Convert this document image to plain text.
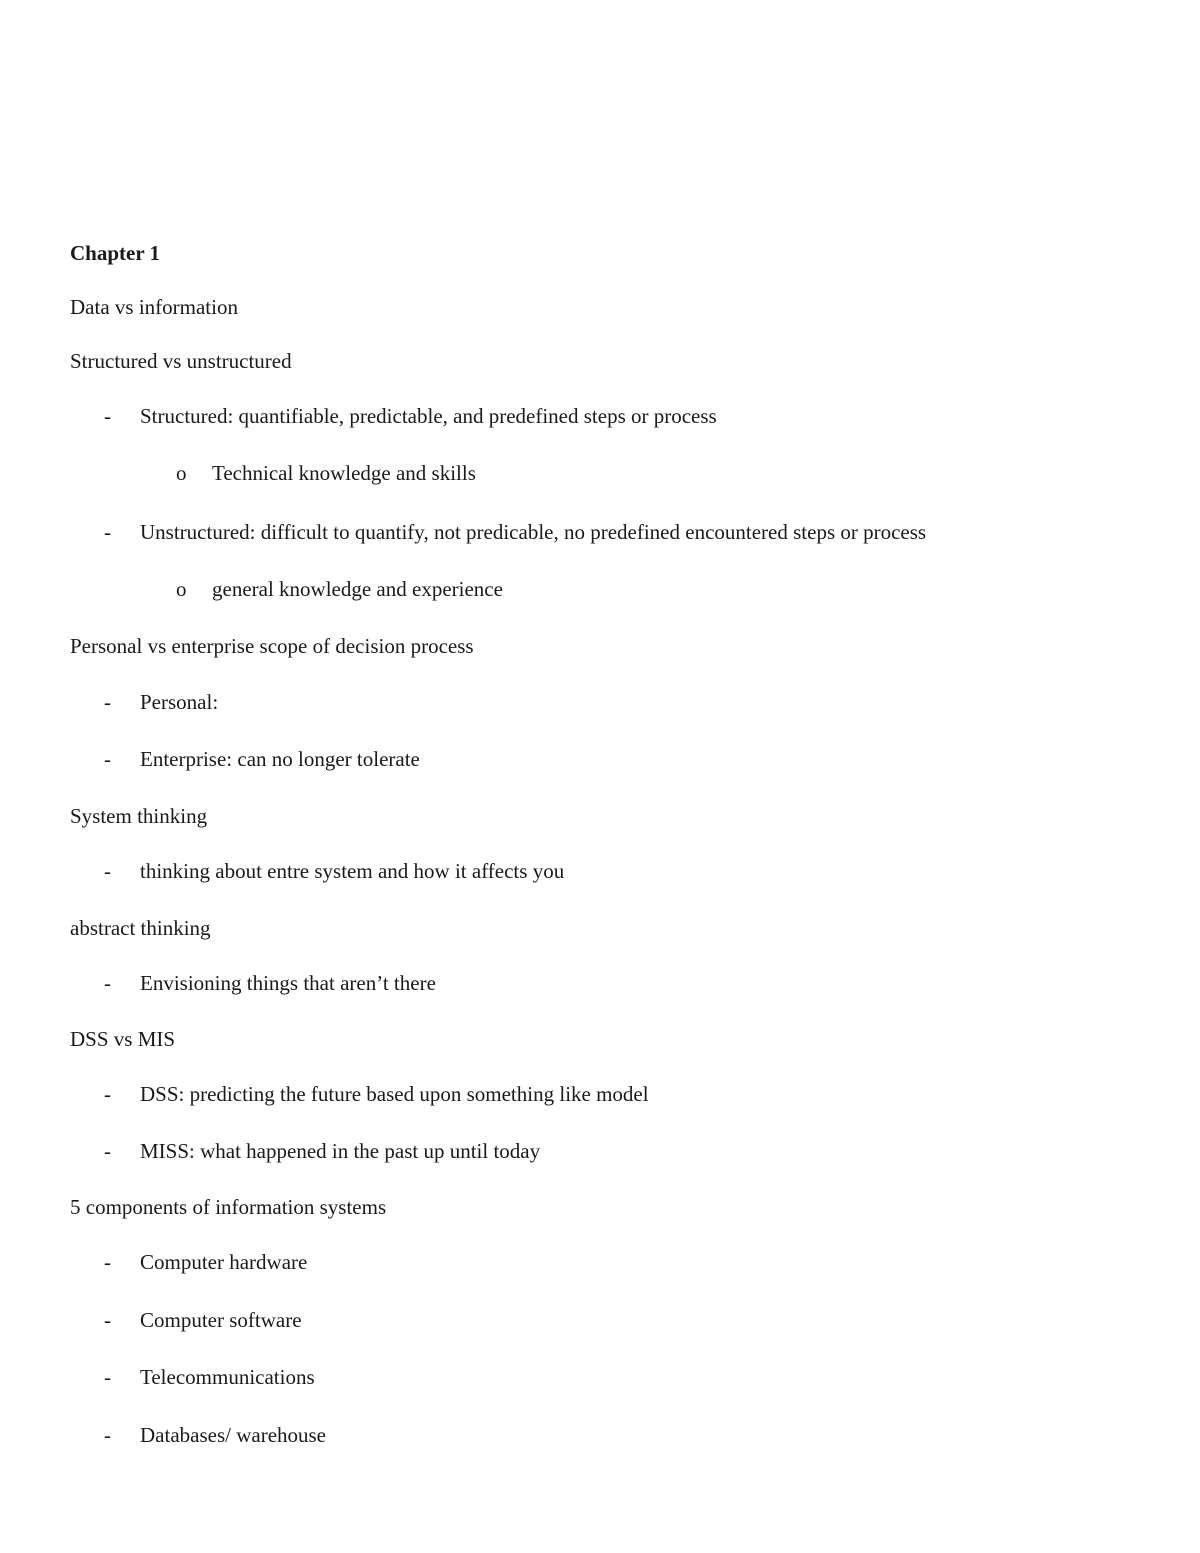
Chapter 1
Data vs information
Structured vs unstructured
- Structured: quantifiable, predictable, and predefined steps or process
o Technical knowledge and skills
- Unstructured: difficult to quantify, not predicable, no predefined encountered steps or process
o general knowledge and experience
Personal vs enterprise scope of decision process
- Personal:
- Enterprise: can no longer tolerate
System thinking
- thinking about entre system and how it affects you
abstract thinking
- Envisioning things that aren’t there
DSS vs MIS
- DSS: predicting the future based upon something like model
- MISS: what happened in the past up until today
5 components of information systems
- Computer hardware
- Computer software
- Telecommunications
- Databases/ warehouse
